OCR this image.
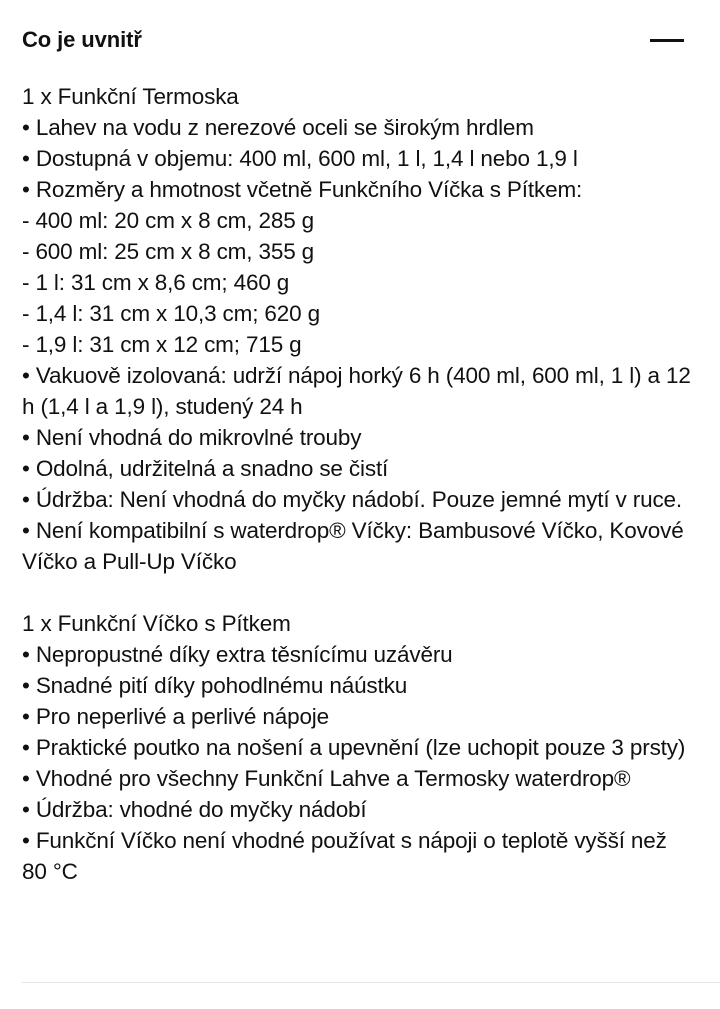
Co je uvnitř
1 x Funkční Termoska
• Lahev na vodu z nerezové oceli se širokým hrdlem
• Dostupná v objemu: 400 ml, 600 ml, 1 l, 1,4 l nebo 1,9 l
• Rozměry a hmotnost včetně Funkčního Víčka s Pítkem:
- 400 ml: 20 cm x 8 cm, 285 g
- 600 ml: 25 cm x 8 cm, 355 g
- 1 l: 31 cm x 8,6 cm; 460 g
- 1,4 l: 31 cm x 10,3 cm; 620 g
- 1,9 l: 31 cm x 12 cm; 715 g
• Vakuově izolovaná: udrží nápoj horký 6 h (400 ml, 600 ml, 1 l) a 12 h (1,4 l a 1,9 l), studený 24 h
• Není vhodná do mikrovlné trouby
• Odolná, udržitelná a snadno se čistí
• Údržba: Není vhodná do myčky nádobí. Pouze jemné mytí v ruce.
• Není kompatibilní s waterdrop® Víčky: Bambusové Víčko, Kovové Víčko a Pull-Up Víčko
1 x Funkční Víčko s Pítkem
• Nepropustné díky extra těsnícímu uzávěru
• Snadné pití díky pohodlnému náústku
• Pro neperlivé a perlivé nápoje
• Praktické poutko na nošení a upevnění (lze uchopit pouze 3 prsty)
• Vhodné pro všechny Funkční Lahve a Termosky waterdrop®
• Údržba: vhodné do myčky nádobí
• Funkční Víčko není vhodné používat s nápoji o teplotě vyšší než 80 °C
